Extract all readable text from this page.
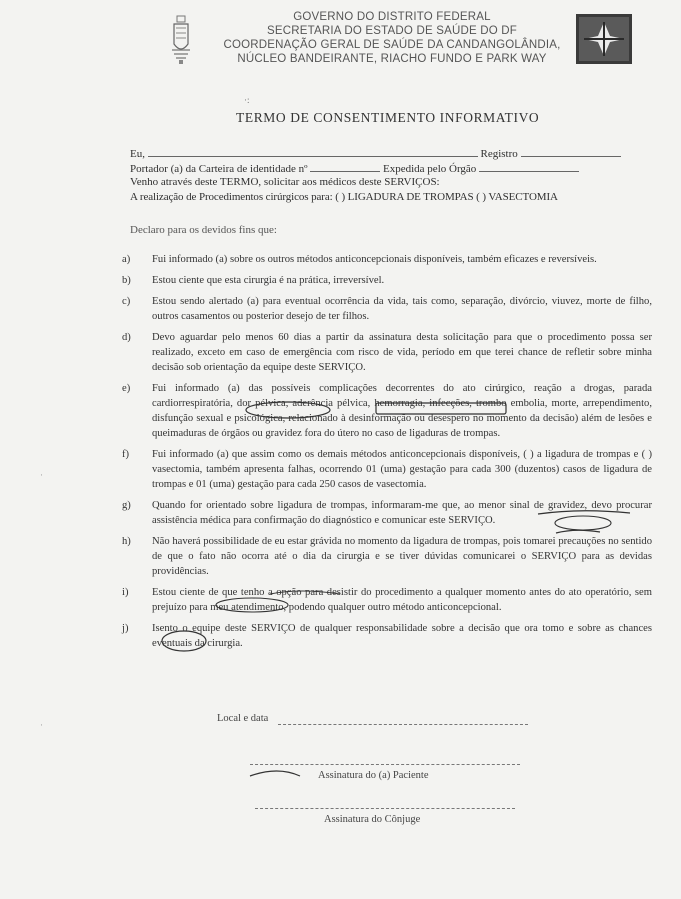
GOVERNO DO DISTRITO FEDERAL
SECRETARIA DO ESTADO DE SAÚDE DO DF
COORDENAÇÃO GERAL DE SAÚDE DA CANDANGOLÂNDIA,
NÚCLEO BANDEIRANTE, RIACHO FUNDO E PARK WAY
·:
TERMO DE CONSENTIMENTO INFORMATIVO
Eu,	Registro
Portador (a) da Carteira de identidade nº	Expedida pelo Órgão
Venho através deste TERMO, solicitar aos médicos deste SERVIÇOS:
A realização de Procedimentos cirúrgicos para: ( ) LIGADURA DE TROMPAS ( ) VASECTOMIA
Declaro para os devidos fins que:
a) Fui informado (a) sobre os outros métodos anticoncepcionais disponíveis, também eficazes e reversíveis.
b) Estou ciente que esta cirurgia é na prática, irreversível.
c) Estou sendo alertado (a) para eventual ocorrência da vida, tais como, separação, divórcio, viuvez, morte de filho, outros casamentos ou posterior desejo de ter filhos.
d) Devo aguardar pelo menos 60 dias a partir da assinatura desta solicitação para que o procedimento possa ser realizado, exceto em caso de emergência com risco de vida, período em que terei chance de refletir sobre minha decisão sob orientação da equipe deste SERVIÇO.
e) Fui informado (a) das possíveis complicações decorrentes do ato cirúrgico, reação a drogas, parada cardiorrespiratória, dor pélvica, aderência pélvica, hemorragia, infecções, trombo embolia, morte, arrependimento, disfunção sexual e psicológica, relacionado à desinformação ou desespero no momento da decisão) além de lesões e queimaduras de órgãos ou gravidez fora do útero no caso de ligaduras de trompas.
f) Fui informado (a) que assim como os demais métodos anticoncepcionais disponíveis, ( ) a ligadura de trompas e ( ) vasectomia, também apresenta falhas, ocorrendo 01 (uma) gestação para cada 300 (duzentos) casos de ligadura de trompas e 01 (uma) gestação para cada 250 casos de vasectomia.
g) Quando for orientado sobre ligadura de trompas, informaram-me que, ao menor sinal de gravidez, devo procurar assistência médica para confirmação do diagnóstico e comunicar este SERVIÇO.
h) Não haverá possibilidade de eu estar grávida no momento da ligadura de trompas, pois tomarei precauções no sentido de que o fato não ocorra até o dia da cirurgia e se tiver dúvidas comunicarei o SERVIÇO para as devidas providências.
i) Estou ciente de que tenho a opção para desistir do procedimento a qualquer momento antes do ato operatório, sem prejuízo para meu atendimento, podendo qualquer outro método anticoncepcional.
j) Isento o equipe deste SERVIÇO de qualquer responsabilidade sobre a decisão que ora tomo e sobre as chances eventuais da cirurgia.
Local e data
Assinatura do (a) Paciente
Assinatura do Cônjuge
·
·
